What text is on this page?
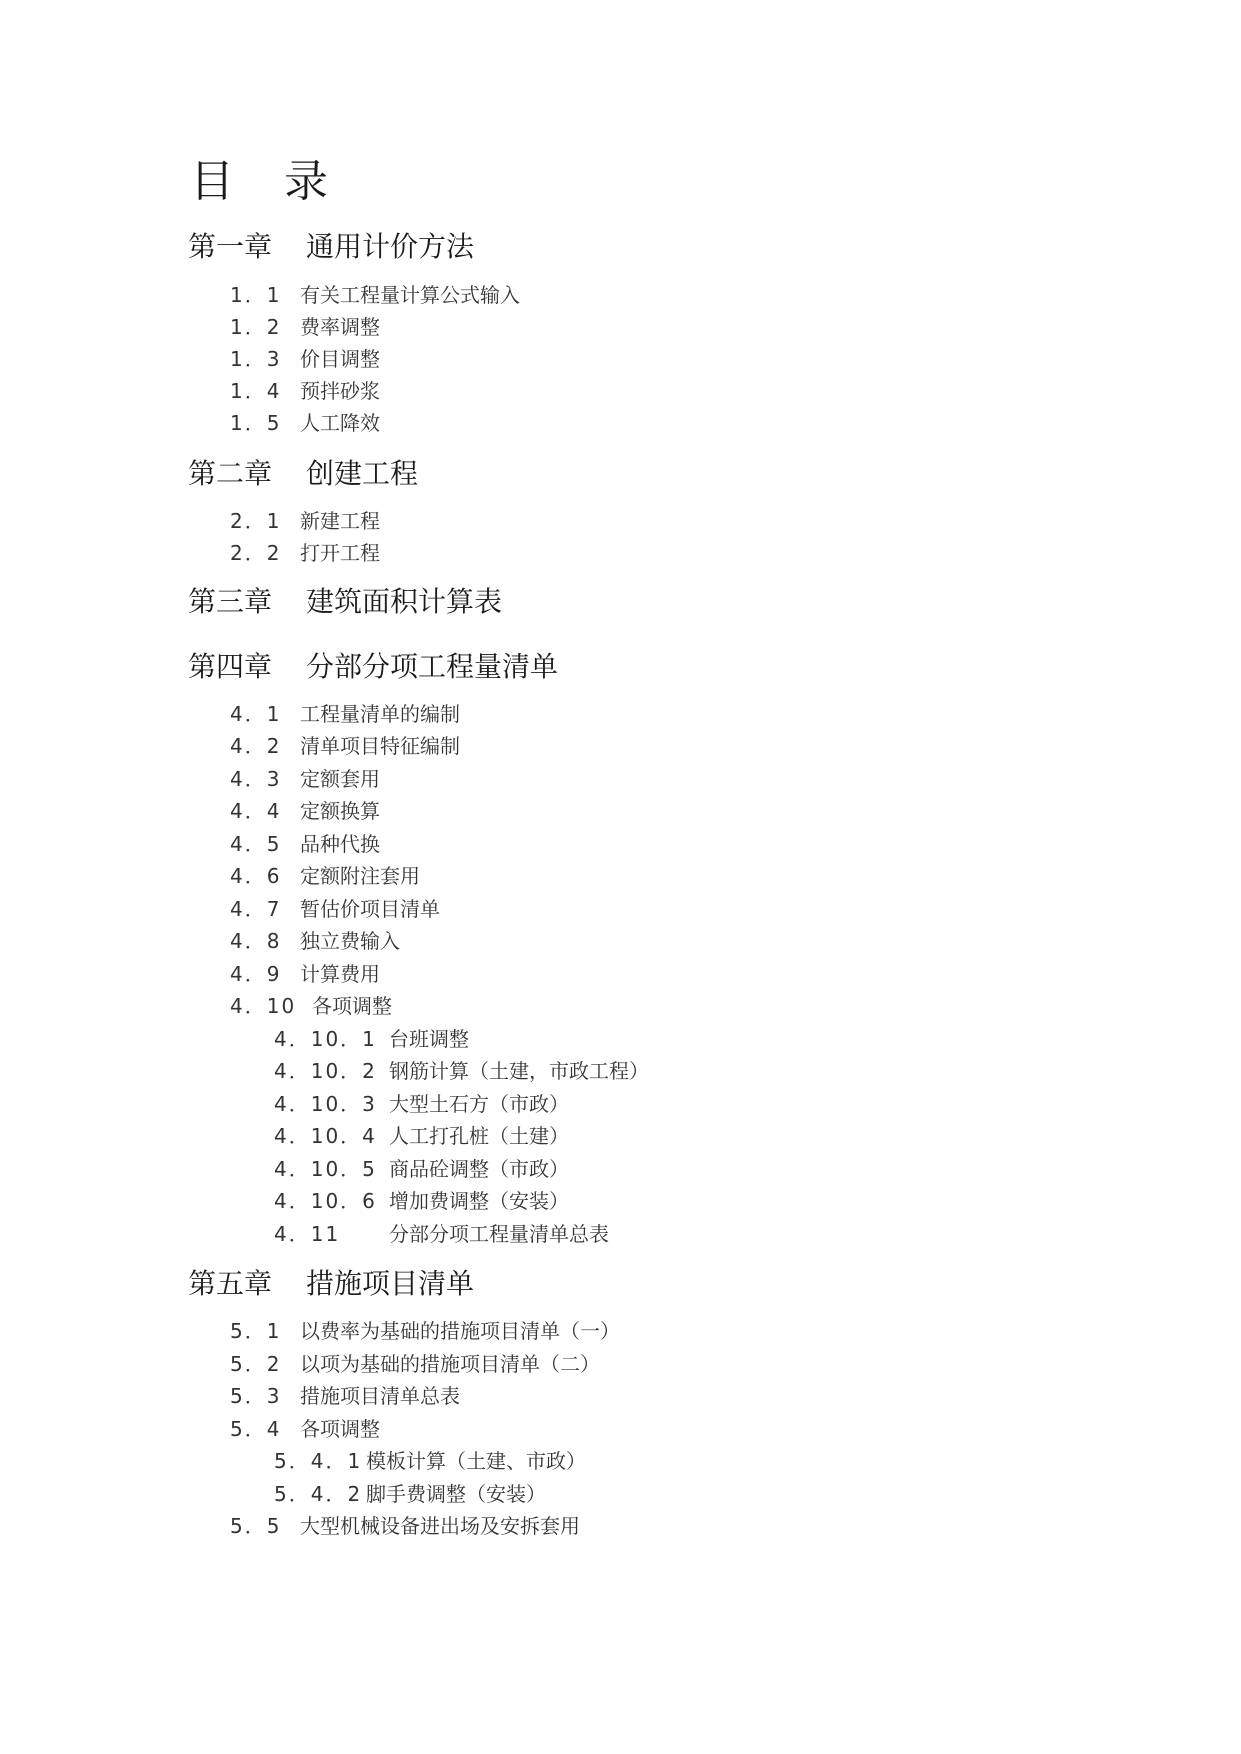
目 录
第一章 通用计价方法
1．1 有关工程量计算公式输入
1．2 费率调整
1．3 价目调整
1．4 预拌砂浆
1．5 人工降效
第二章 创建工程
2．1 新建工程
2．2 打开工程
第三章 建筑面积计算表
第四章 分部分项工程量清单
4．1 工程量清单的编制
4．2 清单项目特征编制
4．3 定额套用
4．4 定额换算
4．5 品种代换
4．6 定额附注套用
4．7 暂估价项目清单
4．8 独立费输入
4．9 计算费用
4．10 各项调整
4．10．1 台班调整
4．10．2 钢筋计算（土建，市政工程）
4．10．3 大型土石方（市政）
4．10．4 人工打孔桩（土建）
4．10．5 商品砼调整（市政）
4．10．6 增加费调整（安装）
4．11 分部分项工程量清单总表
第五章 措施项目清单
5．1 以费率为基础的措施项目清单（一）
5．2 以项为基础的措施项目清单（二）
5．3 措施项目清单总表
5．4 各项调整
5．4．1 模板计算（土建、市政）
5．4．2 脚手费调整（安装）
5．5 大型机械设备进出场及安拆套用
